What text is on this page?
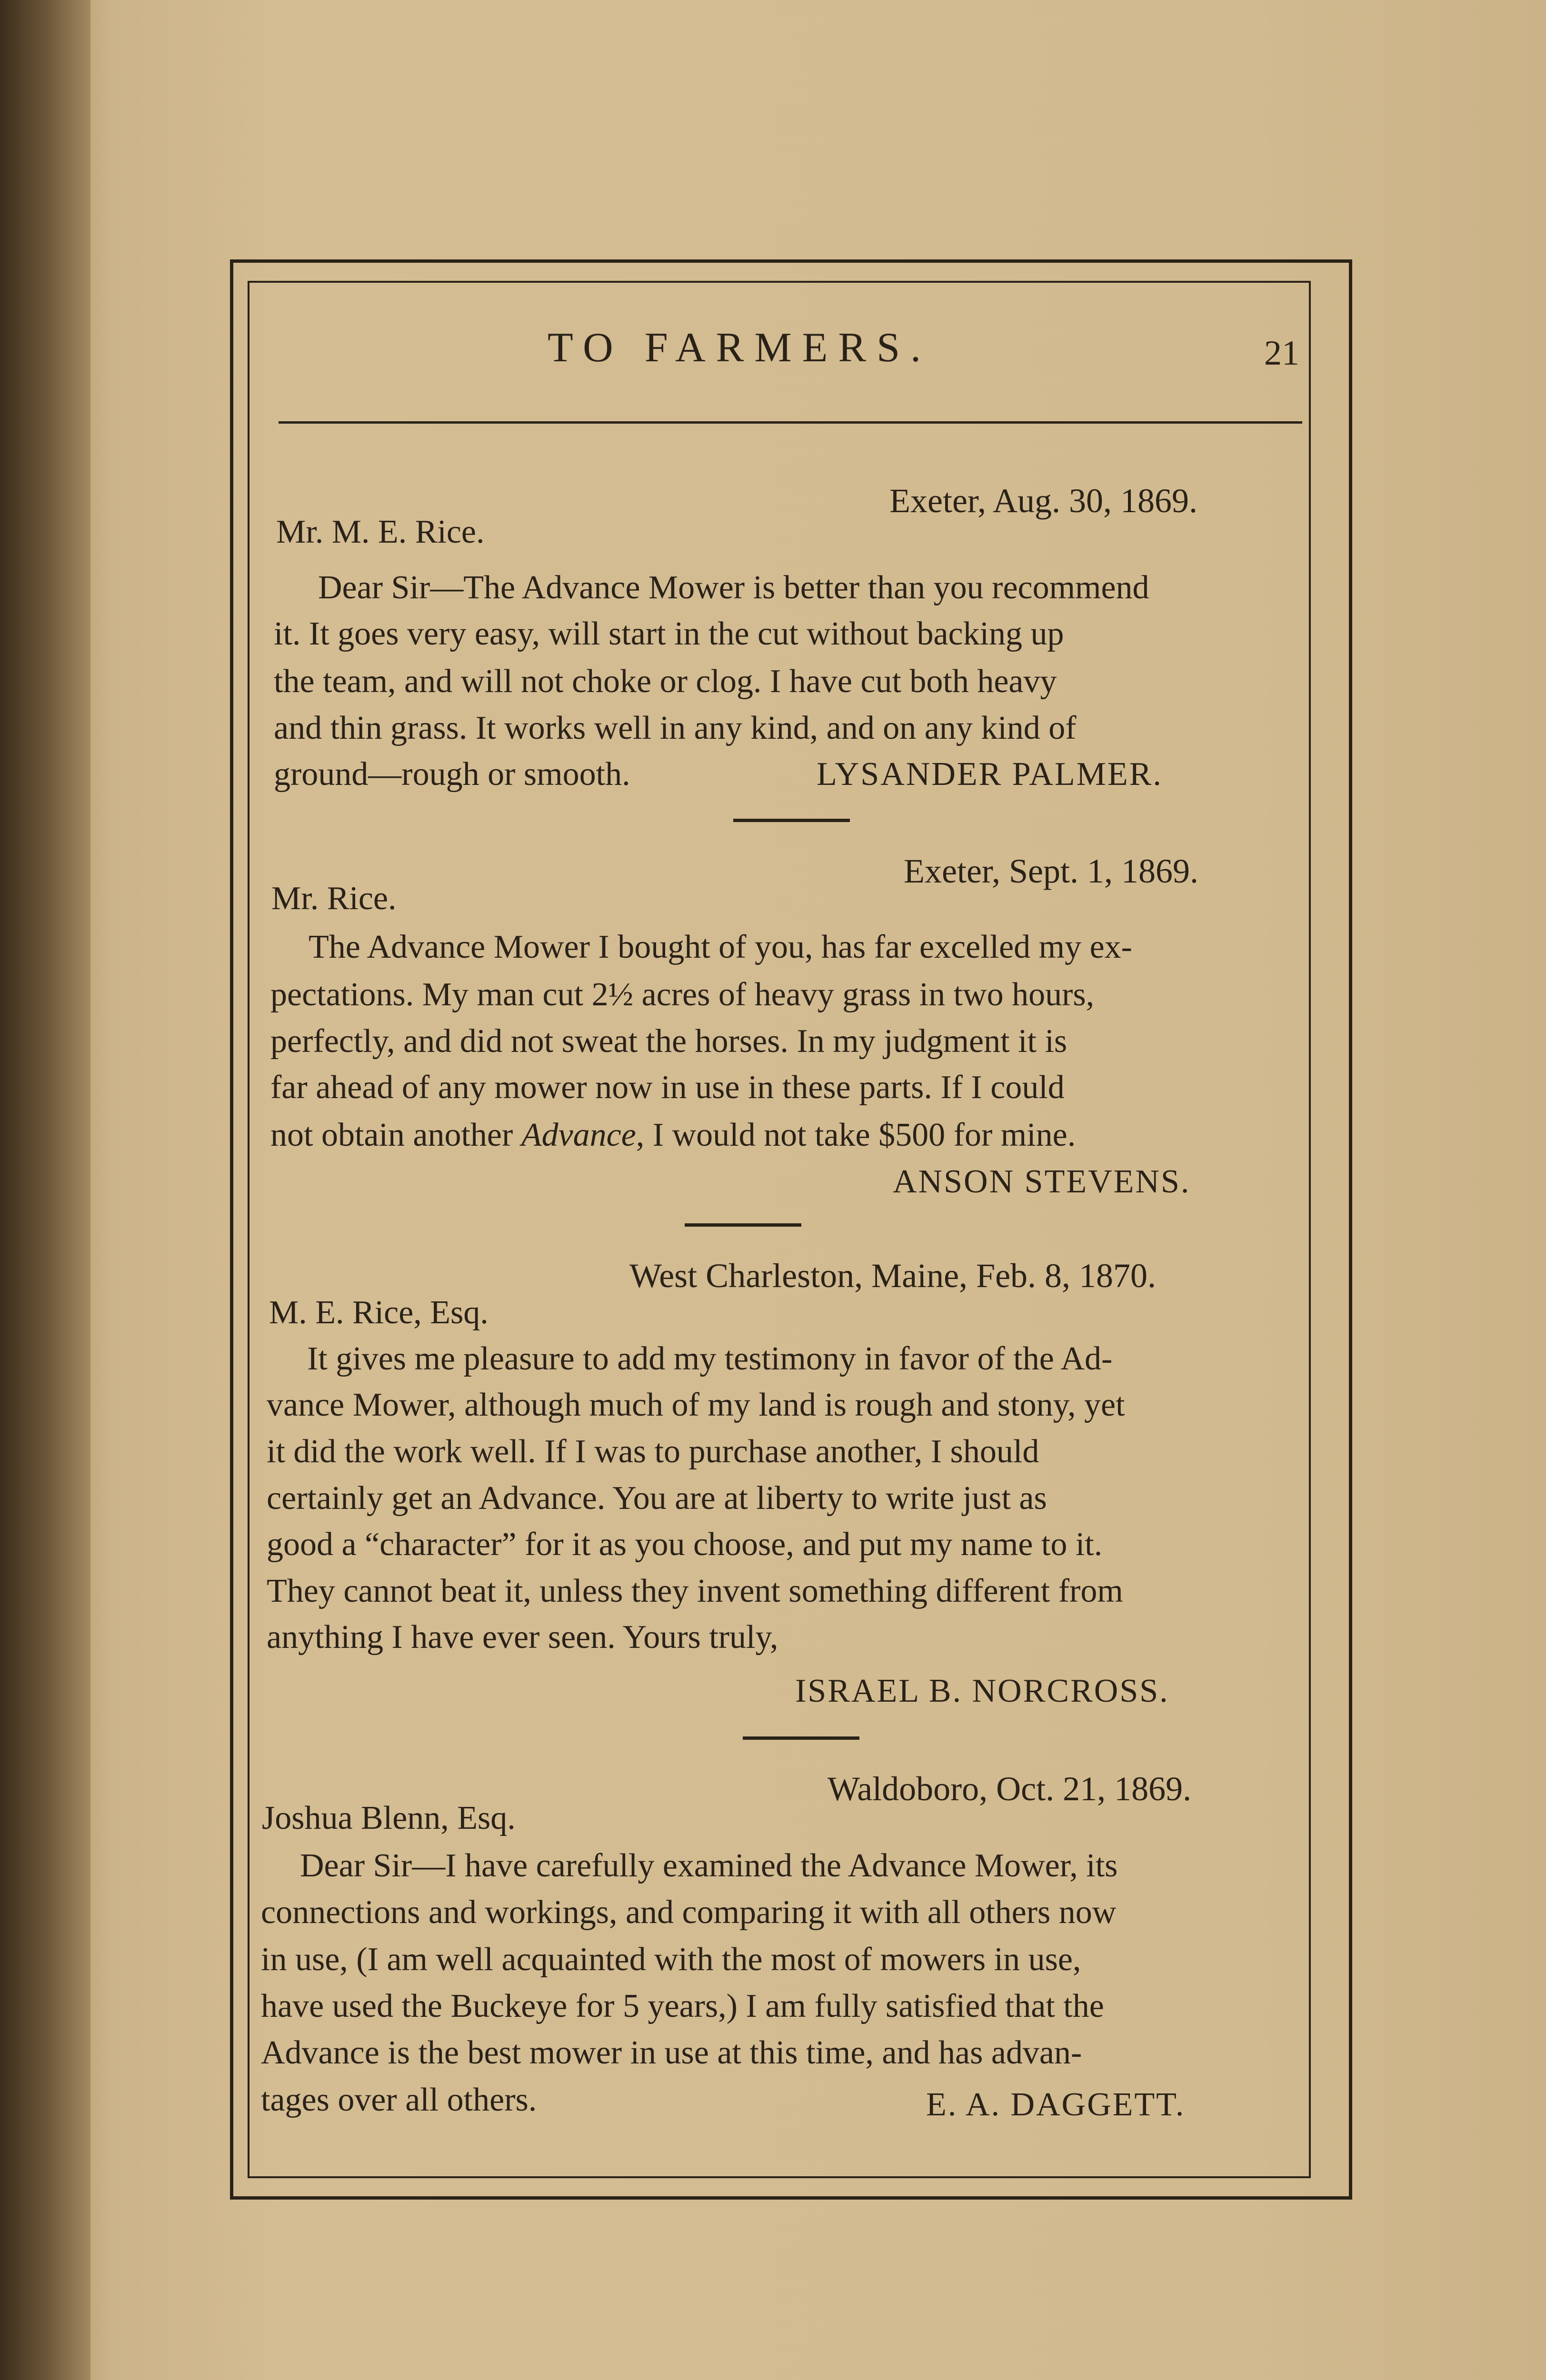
TO FARMERS.	21
Exeter, Aug. 30, 1869.
Mr. M. E. Rice.
Dear Sir—The Advance Mower is better than you recommend
it. It goes very easy, will start in the cut without backing up
the team, and will not choke or clog. I have cut both heavy
and thin grass. It works well in any kind, and on any kind of
ground—rough or smooth.	LYSANDER PALMER.
Exeter, Sept. 1, 1869.
Mr. Rice.
The Advance Mower I bought of you, has far excelled my ex-
pectations. My man cut 2½ acres of heavy grass in two hours,
perfectly, and did not sweat the horses. In my judgment it is
far ahead of any mower now in use in these parts. If I could
not obtain another Advance, I would not take $500 for mine.
ANSON STEVENS.
West Charleston, Maine, Feb. 8, 1870.
M. E. Rice, Esq.
It gives me pleasure to add my testimony in favor of the Ad-
vance Mower, although much of my land is rough and stony, yet
it did the work well. If I was to purchase another, I should
certainly get an Advance. You are at liberty to write just as
good a “character” for it as you choose, and put my name to it.
They cannot beat it, unless they invent something different from
anything I have ever seen. Yours truly,
ISRAEL B. NORCROSS.
Waldoboro, Oct. 21, 1869.
Joshua Blenn, Esq.
Dear Sir—I have carefully examined the Advance Mower, its
connections and workings, and comparing it with all others now
in use, (I am well acquainted with the most of mowers in use,
have used the Buckeye for 5 years,) I am fully satisfied that the
Advance is the best mower in use at this time, and has advan-
tages over all others.	E. A. DAGGETT.
